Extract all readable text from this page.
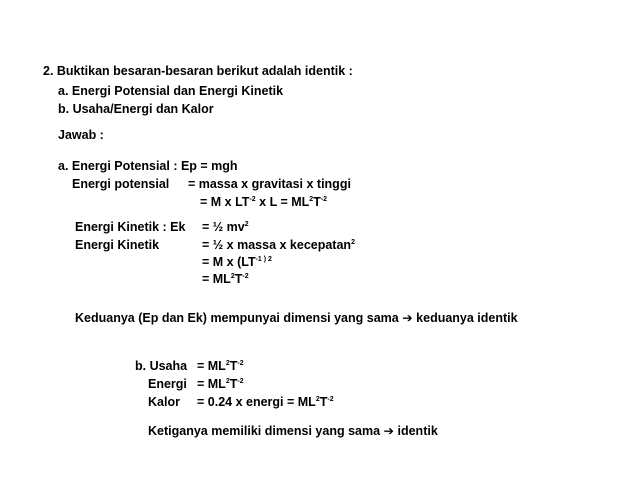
2. Buktikan besaran-besaran berikut adalah identik :
a. Energi Potensial dan Energi Kinetik
b. Usaha/Energi dan Kalor
Jawab :
a. Energi Potensial : Ep = mgh
Energi potensial = massa x gravitasi x tinggi
= M x $LT^{-2}$ x $L = ML^2T^{-2}$
Energi Kinetik : Ek = ½ $mv^2$
Energi Kinetik	= ½ x massa x kecepatan$^2$
= M x ($LT^{-1 ) 2}$
= $ML^2T^{-2}$
Keduanya (Ep dan Ek) mempunyai dimensi yang sama ➔ keduanya identik
b. Usaha = $ML^2T^{-2}$
Energi = $ML^2T^{-2}$
Kalor = 0.24 x energi = $ML^2T^{-2}$
Ketiganya memiliki dimensi yang sama ➔ identik
